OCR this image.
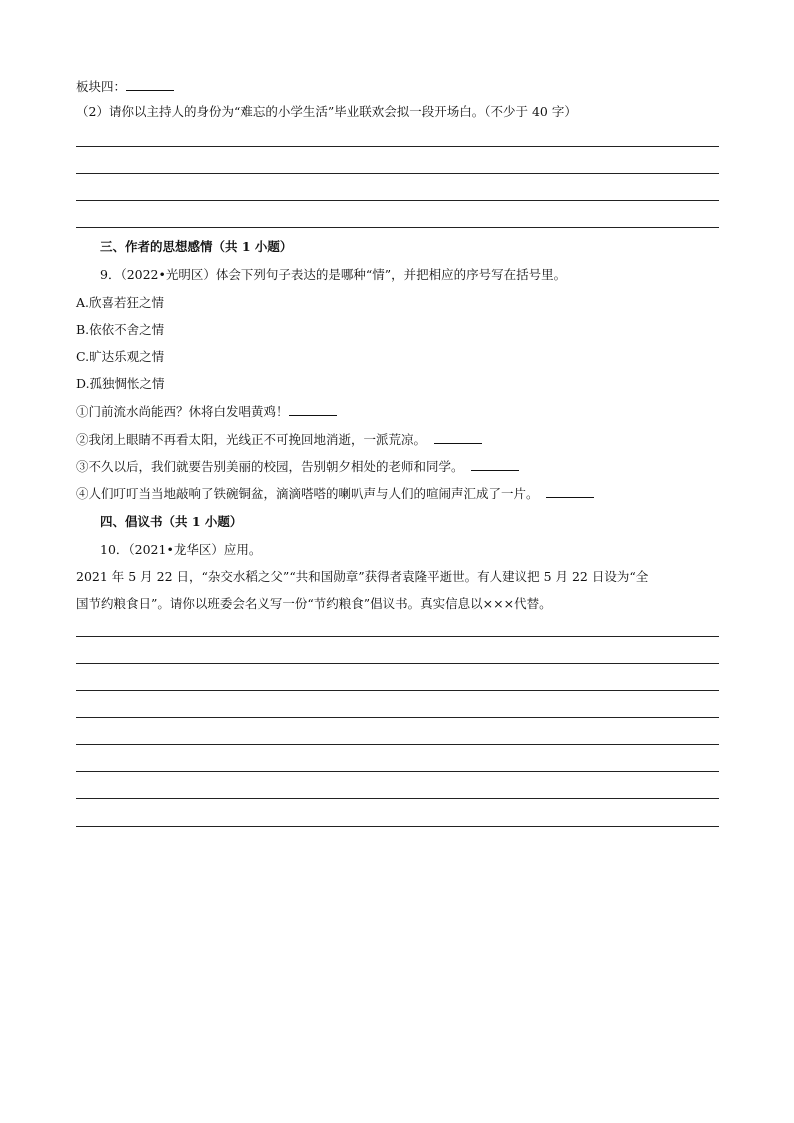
板块四：
（2）请你以主持人的身份为“难忘的小学生活”毕业联欢会拟一段开场白。（不少于 40 字）
三、作者的思想感情（共 1 小题）
9．（2022•光明区）体会下列句子表达的是哪种“情”，并把相应的序号写在括号里。
A.欣喜若狂之情
B.依依不舍之情
C.旷达乐观之情
D.孤独惆怅之情
①门前流水尚能西？休将白发唱黄鸡！
②我闭上眼睛不再看太阳，光线正不可挽回地消逝，一派荒凉。
③不久以后，我们就要告别美丽的校园，告别朝夕相处的老师和同学。
④人们叮叮当当地敲响了铁碗铜盆，滴滴嗒嗒的喇叭声与人们的喧闹声汇成了一片。
四、倡议书（共 1 小题）
10．（2021•龙华区）应用。
2021 年 5 月 22 日，“杂交水稻之父”“共和国勋章”获得者袁隆平逝世。有人建议把 5 月 22 日设为“全
国节约粮食日”。请你以班委会名义写一份“节约粮食”倡议书。真实信息以×××代替。
